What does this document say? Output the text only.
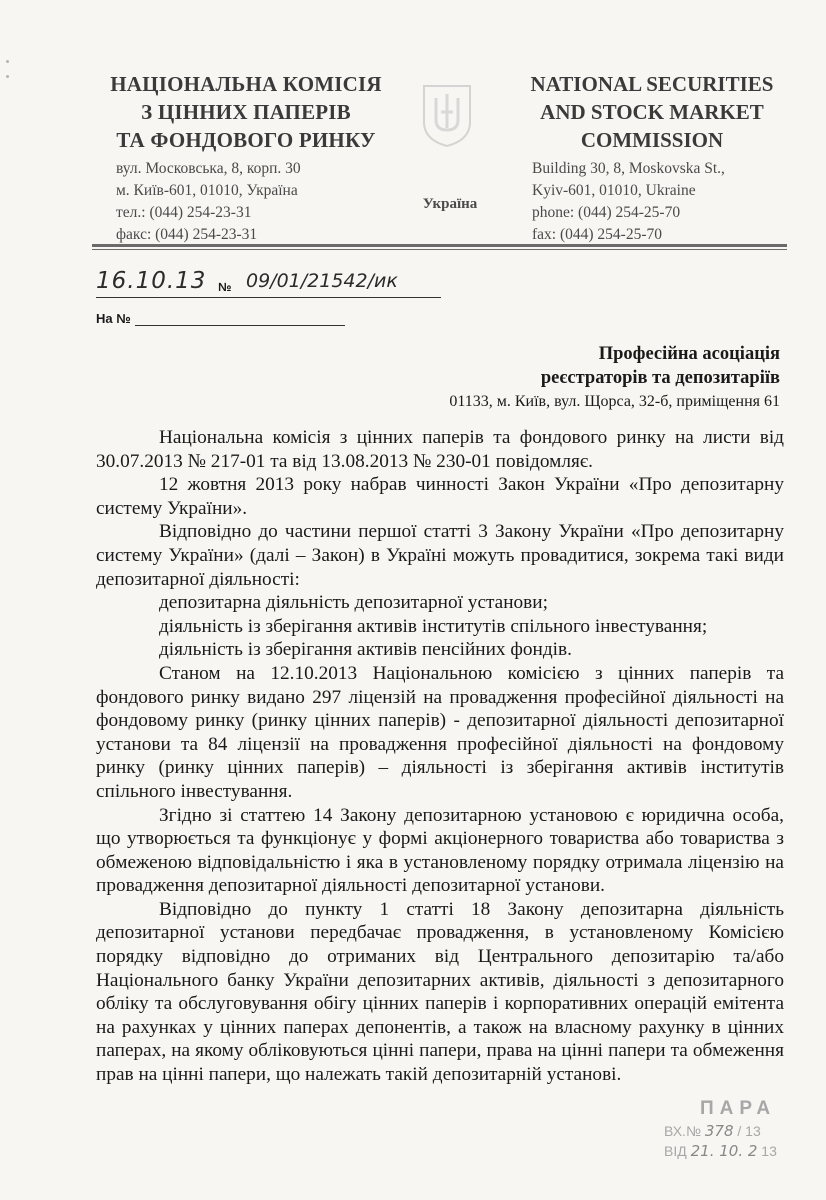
НАЦІОНАЛЬНА КОМІСІЯ
З ЦІННИХ ПАПЕРІВ
ТА ФОНДОВОГО РИНКУ
вул. Московська, 8, корп. 30
м. Київ-601, 01010, Україна
тел.: (044) 254-23-31
факс: (044) 254-23-31
Україна
NATIONAL SECURITIES
AND STOCK MARKET
COMMISSION
Building 30, 8, Moskovska St.,
Kyiv-601, 01010, Ukraine
phone: (044) 254-25-70
fax: (044) 254-25-70
16.10.13 № 09/01/21542/ик
На №
Професійна асоціація
реєстраторів та депозитаріїв
01133, м. Київ, вул. Щорса, 32-б, приміщення 61

Національна комісія з цінних паперів та фондового ринку на листи від 30.07.2013 № 217-01 та від 13.08.2013 № 230-01 повідомляє.

12 жовтня 2013 року набрав чинності Закон України «Про депозитарну систему України».

Відповідно до частини першої статті 3 Закону України «Про депозитарну систему України» (далі – Закон) в Україні можуть провадитися, зокрема такі види депозитарної діяльності:

депозитарна діяльність депозитарної установи;

діяльність із зберігання активів інститутів спільного інвестування;

діяльність із зберігання активів пенсійних фондів.

Станом на 12.10.2013 Національною комісією з цінних паперів та фондового ринку видано 297 ліцензій на провадження професійної діяльності на фондовому ринку (ринку цінних паперів) - депозитарної діяльності депозитарної установи та 84 ліцензії на провадження професійної діяльності на фондовому ринку (ринку цінних паперів) – діяльності із зберігання активів інститутів спільного інвестування.

Згідно зі статтею 14 Закону депозитарною установою є юридична особа, що утворюється та функціонує у формі акціонерного товариства або товариства з обмеженою відповідальністю і яка в установленому порядку отримала ліцензію на провадження депозитарної діяльності депозитарної установи.

Відповідно до пункту 1 статті 18 Закону депозитарна діяльність депозитарної установи передбачає провадження, в установленому Комісією порядку відповідно до отриманих від Центрального депозитарію та/або Національного банку України депозитарних активів, діяльності з депозитарного обліку та обслуговування обігу цінних паперів і корпоративних операцій емітента на рахунках у цінних паперах депонентів, а також на власному рахунку в цінних паперах, на якому обліковуються цінні папери, права на цінні папери та обмеження прав на цінні папери, що належать такій депозитарній установі.

ПАРА
ВХ.№ 378 / 13
ВІД 21. 10. 2 13
